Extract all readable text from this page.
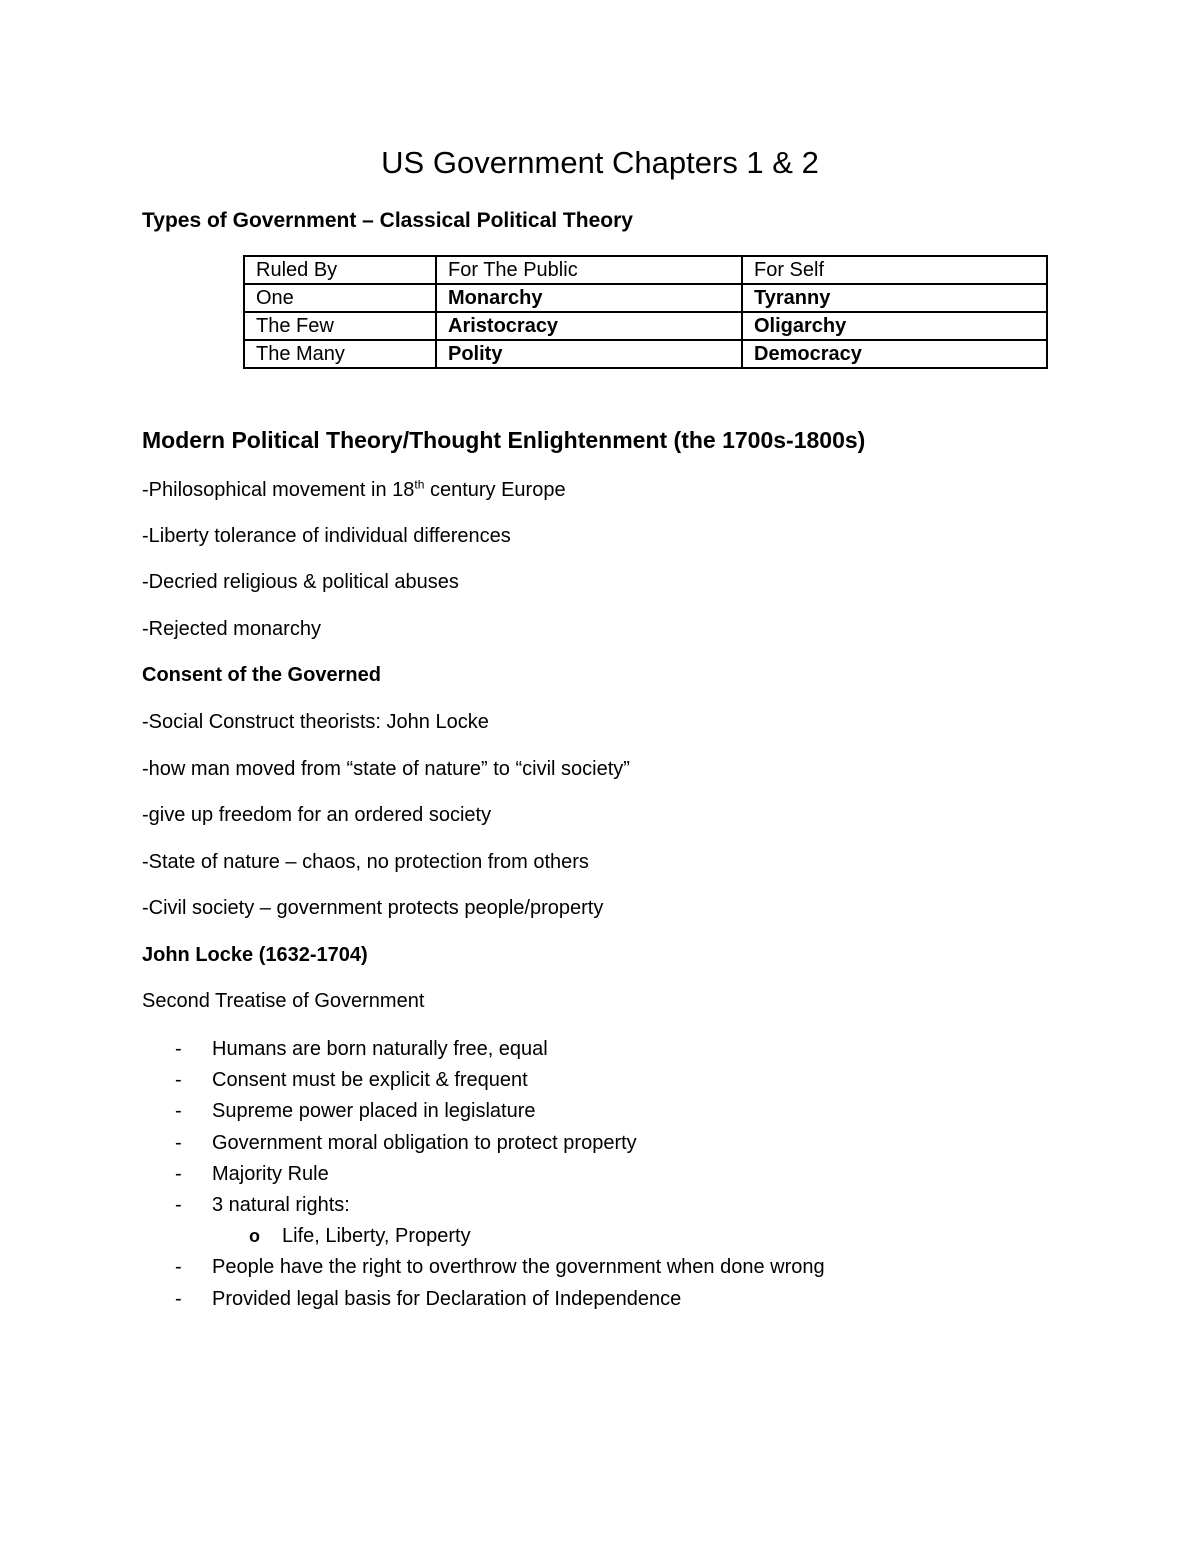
US Government Chapters 1 & 2
Types of Government – Classical Political Theory
Ruled By	For The Public	For Self
One	Monarchy	Tyranny
The Few	Aristocracy	Oligarchy
The Many	Polity	Democracy
Modern Political Theory/Thought Enlightenment (the 1700s-1800s)
-Philosophical movement in 18th century Europe
-Liberty tolerance of individual differences
-Decried religious & political abuses
-Rejected monarchy
Consent of the Governed
-Social Construct theorists: John Locke
-how man moved from “state of nature” to “civil society”
-give up freedom for an ordered society
-State of nature – chaos, no protection from others
-Civil society – government protects people/property
John Locke (1632-1704)
Second Treatise of Government
- Humans are born naturally free, equal
- Consent must be explicit & frequent
- Supreme power placed in legislature
- Government moral obligation to protect property
- Majority Rule
- 3 natural rights:
o Life, Liberty, Property
- People have the right to overthrow the government when done wrong
- Provided legal basis for Declaration of Independence
